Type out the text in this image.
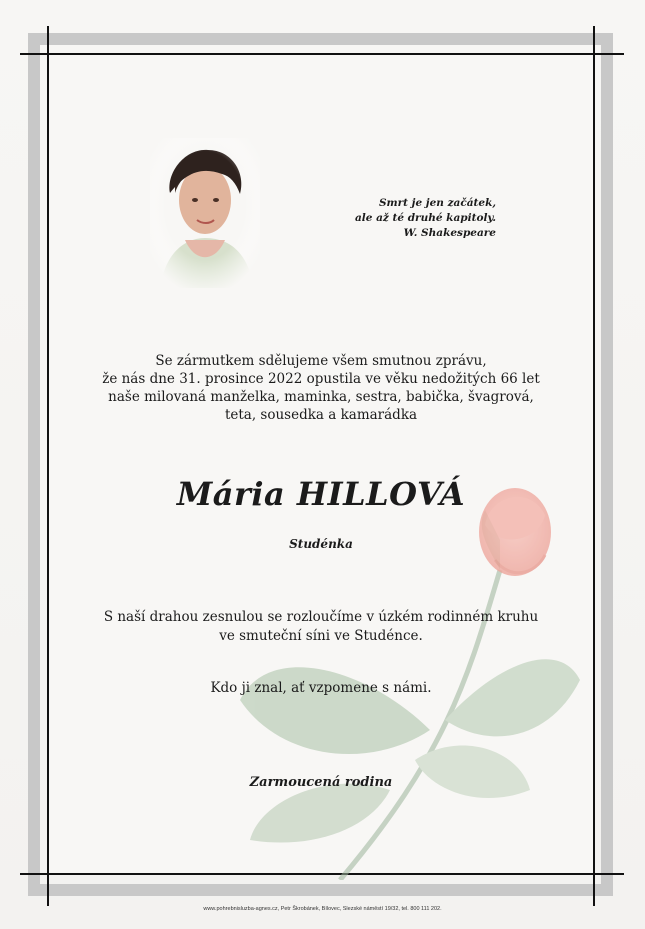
Smrt je jen začátek,
ale až té druhé kapitoly.
W. Shakespeare
Se zármutkem sdělujeme všem smutnou zprávu,
že nás dne 31. prosince 2022 opustila ve věku nedožitých 66 let
naše milovaná manželka, maminka, sestra, babička, švagrová,
teta, sousedka a kamarádka
Mária HILLOVÁ
Studénka
S naší drahou zesnulou se rozloučíme v úzkém rodinném kruhu
ve smuteční síni ve Studénce.
Kdo ji znal, ať vzpomene s námi.
Zarmoucená rodina
www.pohrebnisluzba-agnes.cz, Petr Škrobánek, Bílovec, Slezské náměstí 19/32, tel. 800 111 202.
